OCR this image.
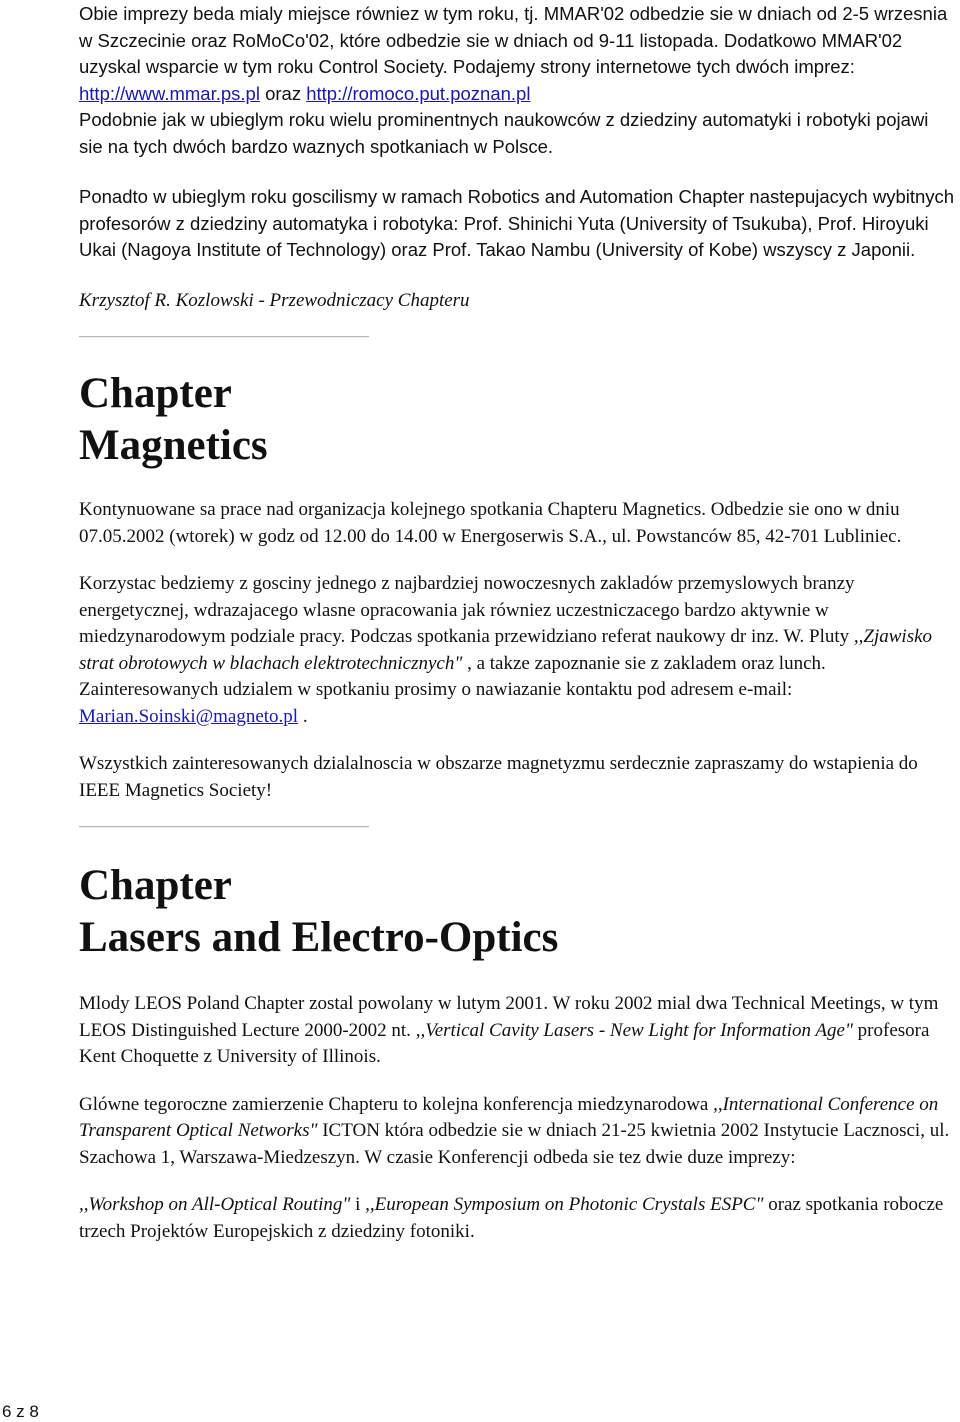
Obie imprezy beda mialy miejsce równiez w tym roku, tj. MMAR'02 odbedzie sie w dniach od 2-5 wrzesnia w Szczecinie oraz RoMoCo'02, które odbedzie sie w dniach od 9-11 listopada. Dodatkowo MMAR'02 uzyskal wsparcie w tym roku Control Society. Podajemy strony internetowe tych dwóch imprez: http://www.mmar.ps.pl oraz http://romoco.put.poznan.pl
Podobnie jak w ubieglym roku wielu prominentnych naukowców z dziedziny automatyki i robotyki pojawi sie na tych dwóch bardzo waznych spotkaniach w Polsce.

Ponadto w ubieglym roku goscilismy w ramach Robotics and Automation Chapter nastepujacych wybitnych profesorów z dziedziny automatyka i robotyka: Prof. Shinichi Yuta (University of Tsukuba), Prof. Hiroyuki Ukai (Nagoya Institute of Technology) oraz Prof. Takao Nambu (University of Kobe) wszyscy z Japonii.

Krzysztof R. Kozlowski - Przewodniczacy Chapteru

Chapter
Magnetics

Kontynuowane sa prace nad organizacja kolejnego spotkania Chapteru Magnetics. Odbedzie sie ono w dniu 07.05.2002 (wtorek) w godz od 12.00 do 14.00 w Energoserwis S.A., ul. Powstanców 85, 42-701 Lubliniec.

Korzystac bedziemy z gosciny jednego z najbardziej nowoczesnych zakladów przemyslowych branzy energetycznej, wdrazajacego wlasne opracowania jak równiez uczestniczacego bardzo aktywnie w miedzynarodowym podziale pracy. Podczas spotkania przewidziano referat naukowy dr inz. W. Pluty ,,Zjawisko strat obrotowych w blachach elektrotechnicznych" , a takze zapoznanie sie z zakladem oraz lunch. Zainteresowanych udzialem w spotkaniu prosimy o nawiazanie kontaktu pod adresem e-mail: Marian.Soinski@magneto.pl .

Wszystkich zainteresowanych dzialalnoscia w obszarze magnetyzmu serdecznie zapraszamy do wstapienia do IEEE Magnetics Society!

Chapter
Lasers and Electro-Optics

Mlody LEOS Poland Chapter zostal powolany w lutym 2001. W roku 2002 mial dwa Technical Meetings, w tym LEOS Distinguished Lecture 2000-2002 nt. ,,Vertical Cavity Lasers - New Light for Information Age" profesora Kent Choquette z University of Illinois.

Glówne tegoroczne zamierzenie Chapteru to kolejna konferencja miedzynarodowa ,,International Conference on Transparent Optical Networks" ICTON która odbedzie sie w dniach 21-25 kwietnia 2002 Instytucie Lacznosci, ul. Szachowa 1, Warszawa-Miedzeszyn. W czasie Konferencji odbeda sie tez dwie duze imprezy:

,,Workshop on All-Optical Routing" i ,,European Symposium on Photonic Crystals ESPC" oraz spotkania robocze trzech Projektów Europejskich z dziedziny fotoniki.

6 z 8
